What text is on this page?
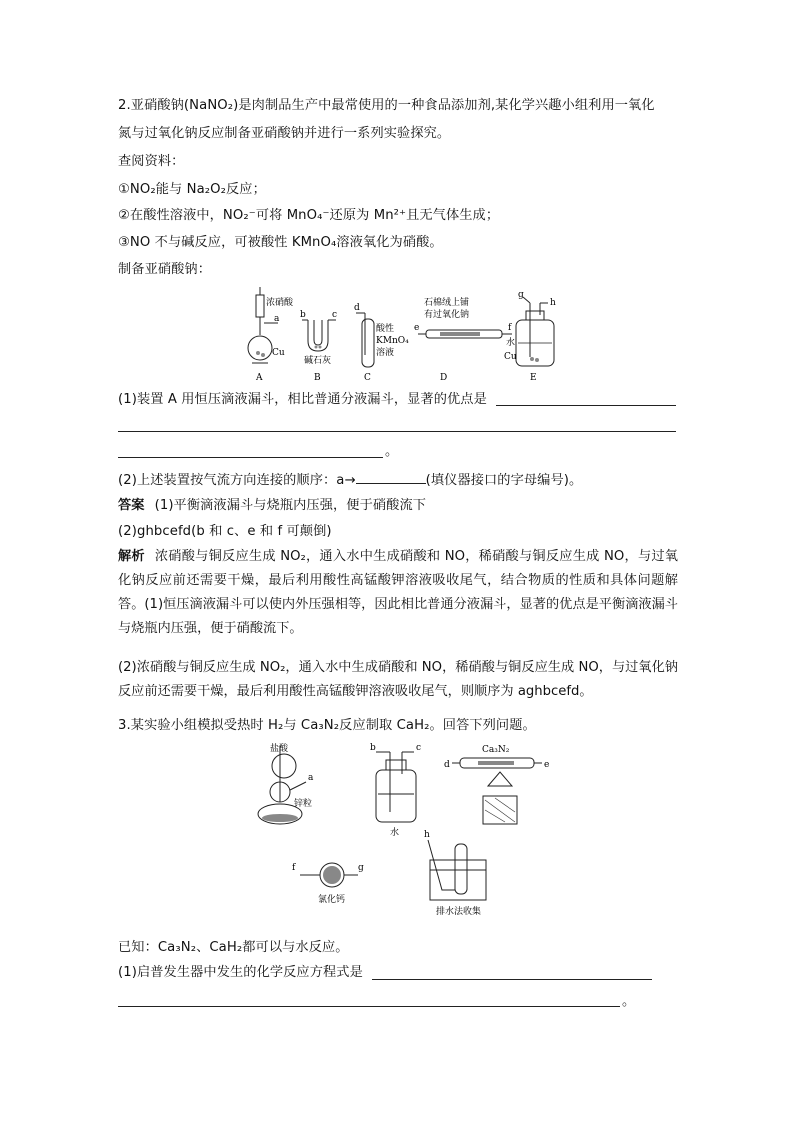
2.亚硝酸钠(NaNO₂)是肉制品生产中最常使用的一种食品添加剂,某化学兴趣小组利用一氧化
氮与过氧化钠反应制备亚硝酸钠并进行一系列实验探究。
查阅资料：
①NO₂能与 Na₂O₂反应；
②在酸性溶液中，NO₂⁻可将 MnO₄⁻还原为 Mn²⁺且无气体生成；
③NO 不与碱反应，可被酸性 KMnO₄溶液氧化为硝酸。
制备亚硝酸钠：
浓硝酸
Cu
a
A
b	c
碱石灰
B
d
酸性
KMnO₄
溶液
C
石棉绒上铺
有过氧化钠
e	f
D
g
h
水
Cu
E
(1)装置 A 用恒压滴液漏斗，相比普通分液漏斗，显著的优点是
。
(2)上述装置按气流方向连接的顺序：a→	(填仪器接口的字母编号)。
答案 (1)平衡滴液漏斗与烧瓶内压强，便于硝酸流下
(2)ghbcefd(b 和 c、e 和 f 可颠倒)
解析 浓硝酸与铜反应生成 NO₂，通入水中生成硝酸和 NO，稀硝酸与铜反应生成 NO，与过氧化钠反应前还需要干燥，最后利用酸性高锰酸钾溶液吸收尾气，结合物质的性质和具体问题解答。(1)恒压滴液漏斗可以使内外压强相等，因此相比普通分液漏斗，显著的优点是平衡滴液漏斗与烧瓶内压强，便于硝酸流下。
(2)浓硝酸与铜反应生成 NO₂，通入水中生成硝酸和 NO，稀硝酸与铜反应生成 NO，与过氧化钠反应前还需要干燥，最后利用酸性高锰酸钾溶液吸收尾气，则顺序为 aghbcefd。
3.某实验小组模拟受热时 H₂与 Ca₃N₂反应制取 CaH₂。回答下列问题。
盐酸
锌粒
a
b	c
水
Ca₃N₂
d	e
f	g
氯化钙
h
排水法收集
已知：Ca₃N₂、CaH₂都可以与水反应。
(1)启普发生器中发生的化学反应方程式是
。
